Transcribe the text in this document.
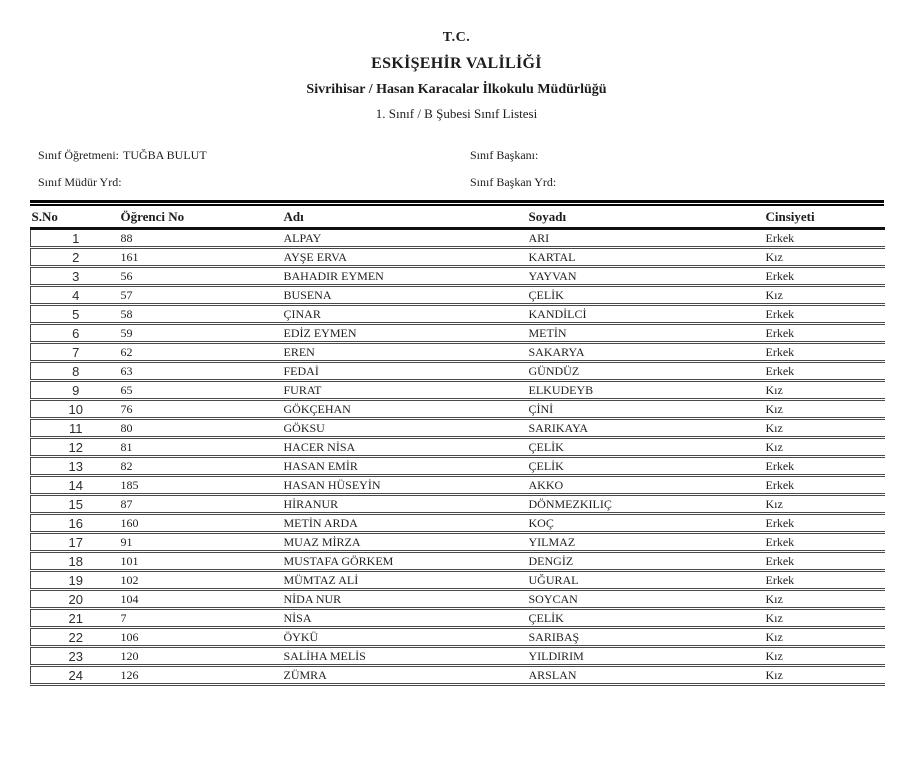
T.C.
ESKİŞEHİR VALİLİĞİ
Sivrihisar / Hasan Karacalar İlkokulu Müdürlüğü
1. Sınıf / B Şubesi Sınıf Listesi
Sınıf Öğretmeni: TUĞBA BULUT	Sınıf Başkanı:
Sınıf Müdür Yrd:	Sınıf Başkan Yrd:
S.No	Öğrenci No	Adı	Soyadı	Cinsiyeti
1	88	ALPAY	ARI	Erkek
2	161	AYŞE ERVA	KARTAL	Kız
3	56	BAHADIR EYMEN	YAYVAN	Erkek
4	57	BUSENA	ÇELİK	Kız
5	58	ÇINAR	KANDİLCİ	Erkek
6	59	EDİZ EYMEN	METİN	Erkek
7	62	EREN	SAKARYA	Erkek
8	63	FEDAİ	GÜNDÜZ	Erkek
9	65	FURAT	ELKUDEYB	Kız
10	76	GÖKÇEHAN	ÇİNİ	Kız
11	80	GÖKSU	SARIKAYA	Kız
12	81	HACER NİSA	ÇELİK	Kız
13	82	HASAN EMİR	ÇELİK	Erkek
14	185	HASAN HÜSEYİN	AKKO	Erkek
15	87	HİRANUR	DÖNMEZKILIÇ	Kız
16	160	METİN ARDA	KOÇ	Erkek
17	91	MUAZ MİRZA	YILMAZ	Erkek
18	101	MUSTAFA GÖRKEM	DENGİZ	Erkek
19	102	MÜMTAZ ALİ	UĞURAL	Erkek
20	104	NİDA NUR	SOYCAN	Kız
21	7	NİSA	ÇELİK	Kız
22	106	ÖYKÜ	SARIBAŞ	Kız
23	120	SALİHA MELİS	YILDIRIM	Kız
24	126	ZÜMRA	ARSLAN	Kız
